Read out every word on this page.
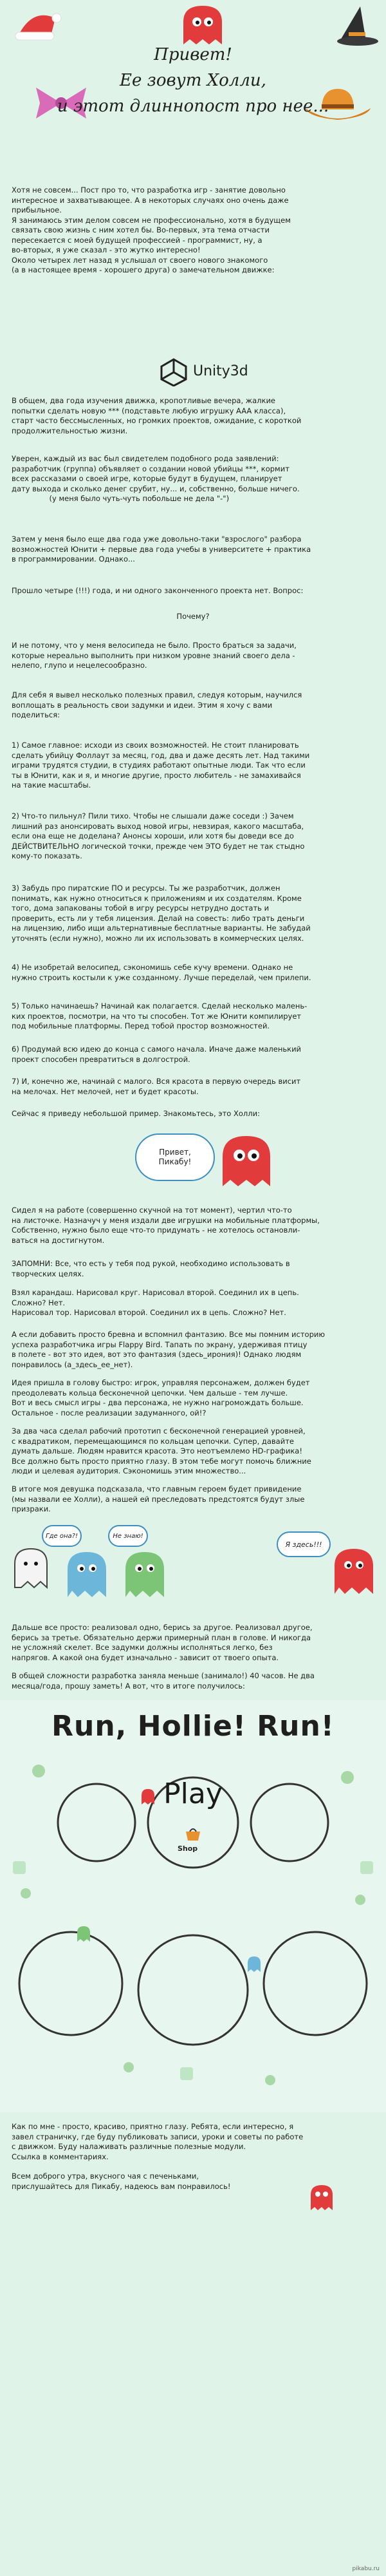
Привет!
Ее зовут Холли,
и этот длиннопост про нее...
Хотя не совсем... Пост про то, что разработка игр - занятие довольно
интересное и захватывающее. А в некоторых случаях оно очень даже
прибыльное.
Я занимаюсь этим делом совсем не профессионально, хотя в будущем
связать свою жизнь с ним хотел бы. Во-первых, эта тема отчасти
пересекается с моей будущей профессией - программист, ну, а
во-вторых, я уже сказал - это жутко интересно!
Около четырех лет назад я услышал от своего нового знакомого
(а в настоящее время - хорошего друга) о замечательном движке:
Unity3d
В общем, два года изучения движка, кропотливые вечера, жалкие
попытки сделать новую *** (подставьте любую игрушку AAA класса),
старт часто бессмысленных, но громких проектов, ожидание, с короткой
продолжительностью жизни.
Уверен, каждый из вас был свидетелем подобного рода заявлений:
разработчик (группа) объявляет о создании новой убийцы ***, кормит
всех рассказами о своей игре, которые будут в будущем, планирует
дату выхода и сколько денег срубит, ну... и, собственно, больше ничего.
(у меня было чуть-чуть побольше не дела "-")
Затем у меня было еще два года уже довольно-таки "взрослого" разбора
возможностей Юнити + первые два года учебы в университете + практика
в программировании. Однако...
Прошло четыре (!!!) года, и ни одного законченного проекта нет. Вопрос:
Почему?
И не потому, что у меня велосипеда не было. Просто браться за задачи,
которые нереально выполнить при низком уровне знаний своего дела -
нелепо, глупо и нецелесообразно.
Для себя я вывел несколько полезных правил, следуя которым, научился
воплощать в реальность свои задумки и идеи. Этим я хочу с вами
поделиться:
1) Самое главное: исходи из своих возможностей. Не стоит планировать
сделать убийцу Фоллаут за месяц, год, два и даже десять лет. Над такими
играми трудятся студии, в студиях работают опытные люди. Так что если
ты в Юнити, как и я, и многие другие, просто любитель - не замахивайся
на такие масштабы.
2) Что-то пильнул? Пили тихо. Чтобы не слышали даже соседи :) Зачем
лишний раз анонсировать выход новой игры, невзирая, какого масштаба,
если она еще не доделана? Анонсы хороши, или хотя бы доведи все до
ДЕЙСТВИТЕЛЬНО логической точки, прежде чем ЭТО будет не так стыдно
кому-то показать.
3) Забудь про пиратские ПО и ресурсы. Ты же разработчик, должен
понимать, как нужно относиться к приложениям и их создателям. Кроме
того, дома запакованы тобой в игру ресурсы нетрудно достать и
проверить, есть ли у тебя лицензия. Делай на совесть: либо трать деньги
на лицензию, либо ищи альтернативные бесплатные варианты. Не забудай
уточнять (если нужно), можно ли их использовать в коммерческих целях.
4) Не изобретай велосипед, сэкономишь себе кучу времени. Однако не
нужно строить костыли к уже созданному. Лучше переделай, чем прилепи.
5) Только начинаешь? Начинай как полагается. Сделай несколько малень-
ких проектов, посмотри, на что ты способен. Тот же Юнити компилирует
под мобильные платформы. Перед тобой простор возможностей.
6) Продумай всю идею до конца с самого начала. Иначе даже маленький
проект способен превратиться в долгострой.
7) И, конечно же, начинай с малого. Вся красота в первую очередь висит
на мелочах. Нет мелочей, нет и будет красоты.
Сейчас я приведу небольшой пример. Знакомьтесь, это Холли:
Привет,
Пикабу!
Сидел я на работе (совершенно скучной на тот момент), чертил что-то
на листочке. Назначуч у меня издали две игрушки на мобильные платформы,
Собственно, нужно было еще что-то придумать - не хотелось остановли-
ваться на достигнутом.
ЗАПОМНИ: Все, что есть у тебя под рукой, необходимо использовать в
творческих целях.
Взял карандаш. Нарисовал круг. Нарисовал второй. Соединил их в цепь.
Сложно? Нет.
Нарисовал тор. Нарисовал второй. Соединил их в цепь. Сложно? Нет.
А если добавить просто бревна и вспомнил фантазию. Все мы помним историю
успеха разработчика игры Flappy Bird. Тапать по экрану, удерживая птицу
в полете - вот это идея, вот это фантазия (здесь_ирония)! Однако людям
понравилось (а_здесь_ее_нет).
Идея пришла в голову быстро: игрок, управляя персонажем, должен будет
преодолевать кольца бесконечной цепочки. Чем дальше - тем лучше.
Вот и весь смысл игры - два персонажа, не нужно нагромождать больше.
Остальное - после реализации задуманного, ой!?
За два часа сделал рабочий прототип с бесконечной генерацией уровней,
с квадратиком, перемещающимся по кольцам цепочки. Супер, давайте
думать дальше. Людям нравится красота. Это неотъемлемо HD-графика!
Все должно быть просто приятно глазу. В этом тебе могут помочь ближние
люди и целевая аудитория. Сэкономишь этим множество...
В итоге моя девушка подсказала, что главным героем будет привидение
(мы назвали ее Холли), а нашей ей преследовать предстоятся будут злые
призраки.
Где она?!	Не знаю!
Я здесь!!!
Дальше все просто: реализовал одно, берись за другое. Реализовал другое,
берись за третье. Обязательно держи примерный план в голове. И никогда
не усложняй скелет. Все задумки должны исполняться легко, без
напрягов. А какой она будет изначально - зависит от твоего опыта.
В общей сложности разработка заняла меньше (занимало!) 40 часов. Не два
месяца/года, прошу заметь! А вот, что в итоге получилось:
Run, Hollie! Run!
Play
Shop
Как по мне - просто, красиво, приятно глазу. Ребята, если интересно, я
завел страничку, где буду публиковать записи, уроки и советы по работе
с движком. Буду налаживать различные полезные модули.
Ссылка в комментариях.
Всем доброго утра, вкусного чая с печеньками,
прислушайтесь для Пикабу, надеюсь вам понравилось!
pikabu.ru
